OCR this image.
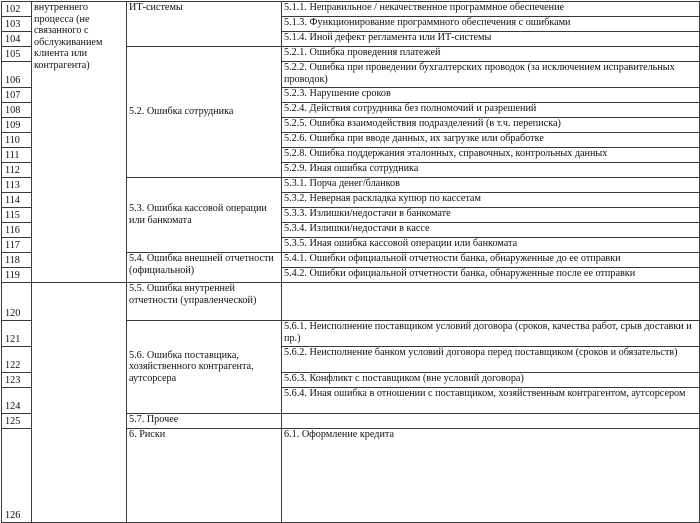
102	внутреннего процесса (не связанного с обслуживанием клиента или контрагента)	ИТ-системы	5.1.1. Неправильное / некачественное программное обеспечение	
103			5.1.3. Функционирование программного обеспечения с ошибками	
104			5.1.4. Иной дефект регламента или ИТ-системы	
105		5.2. Ошибка сотрудника	5.2.1. Ошибка проведения платежей	
106			5.2.2. Ошибка при проведении бухгалтерских проводок (за исключением исправительных проводок)	
107			5.2.3. Нарушение сроков	
108			5.2.4. Действия сотрудника без полномочий и разрешений	
109			5.2.5. Ошибка взаимодействия подразделений (в т.ч. переписка)	
110			5.2.6. Ошибка при вводе данных, их загрузке или обработке	
111			5.2.8. Ошибка поддержания эталонных, справочных, контрольных данных	
112			5.2.9. Иная ошибка сотрудника	
113		5.3. Ошибка кассовой операции или банкомата	5.3.1. Порча денег/бланков	
114			5.3.2. Неверная раскладка купюр по кассетам	
115			5.3.3. Излишки/недостачи в банкомате	
116			5.3.4. Излишки/недостачи в кассе	
117			5.3.5. Иная ошибка кассовой операции или банкомата	
118		5.4. Ошибка внешней отчетности (официальной)	5.4.1. Ошибки официальной отчетности банка, обнаруженные до ее отправки	
119			5.4.2. Ошибки официальной отчетности банка, обнаруженные после ее отправки	
120		5.5. Ошибка внутренней отчетности (управленческой)		
121		5.6. Ошибка поставщика, хозяйственного контрагента, аутсорсера	5.6.1. Неисполнение поставщиком условий договора (сроков, качества работ, срыв доставки и пр.)	
122			5.6.2. Неисполнение банком условий договора перед поставщиком (сроков и обязательств)	
123			5.6.3. Конфликт с поставщиком (вне условий договора)	
124			5.6.4. Иная ошибка в отношении с поставщиком, хозяйственным контрагентом, аутсорсером	
125		5.7. Прочее		
126		6. Риски	6.1. Оформление кредита	
